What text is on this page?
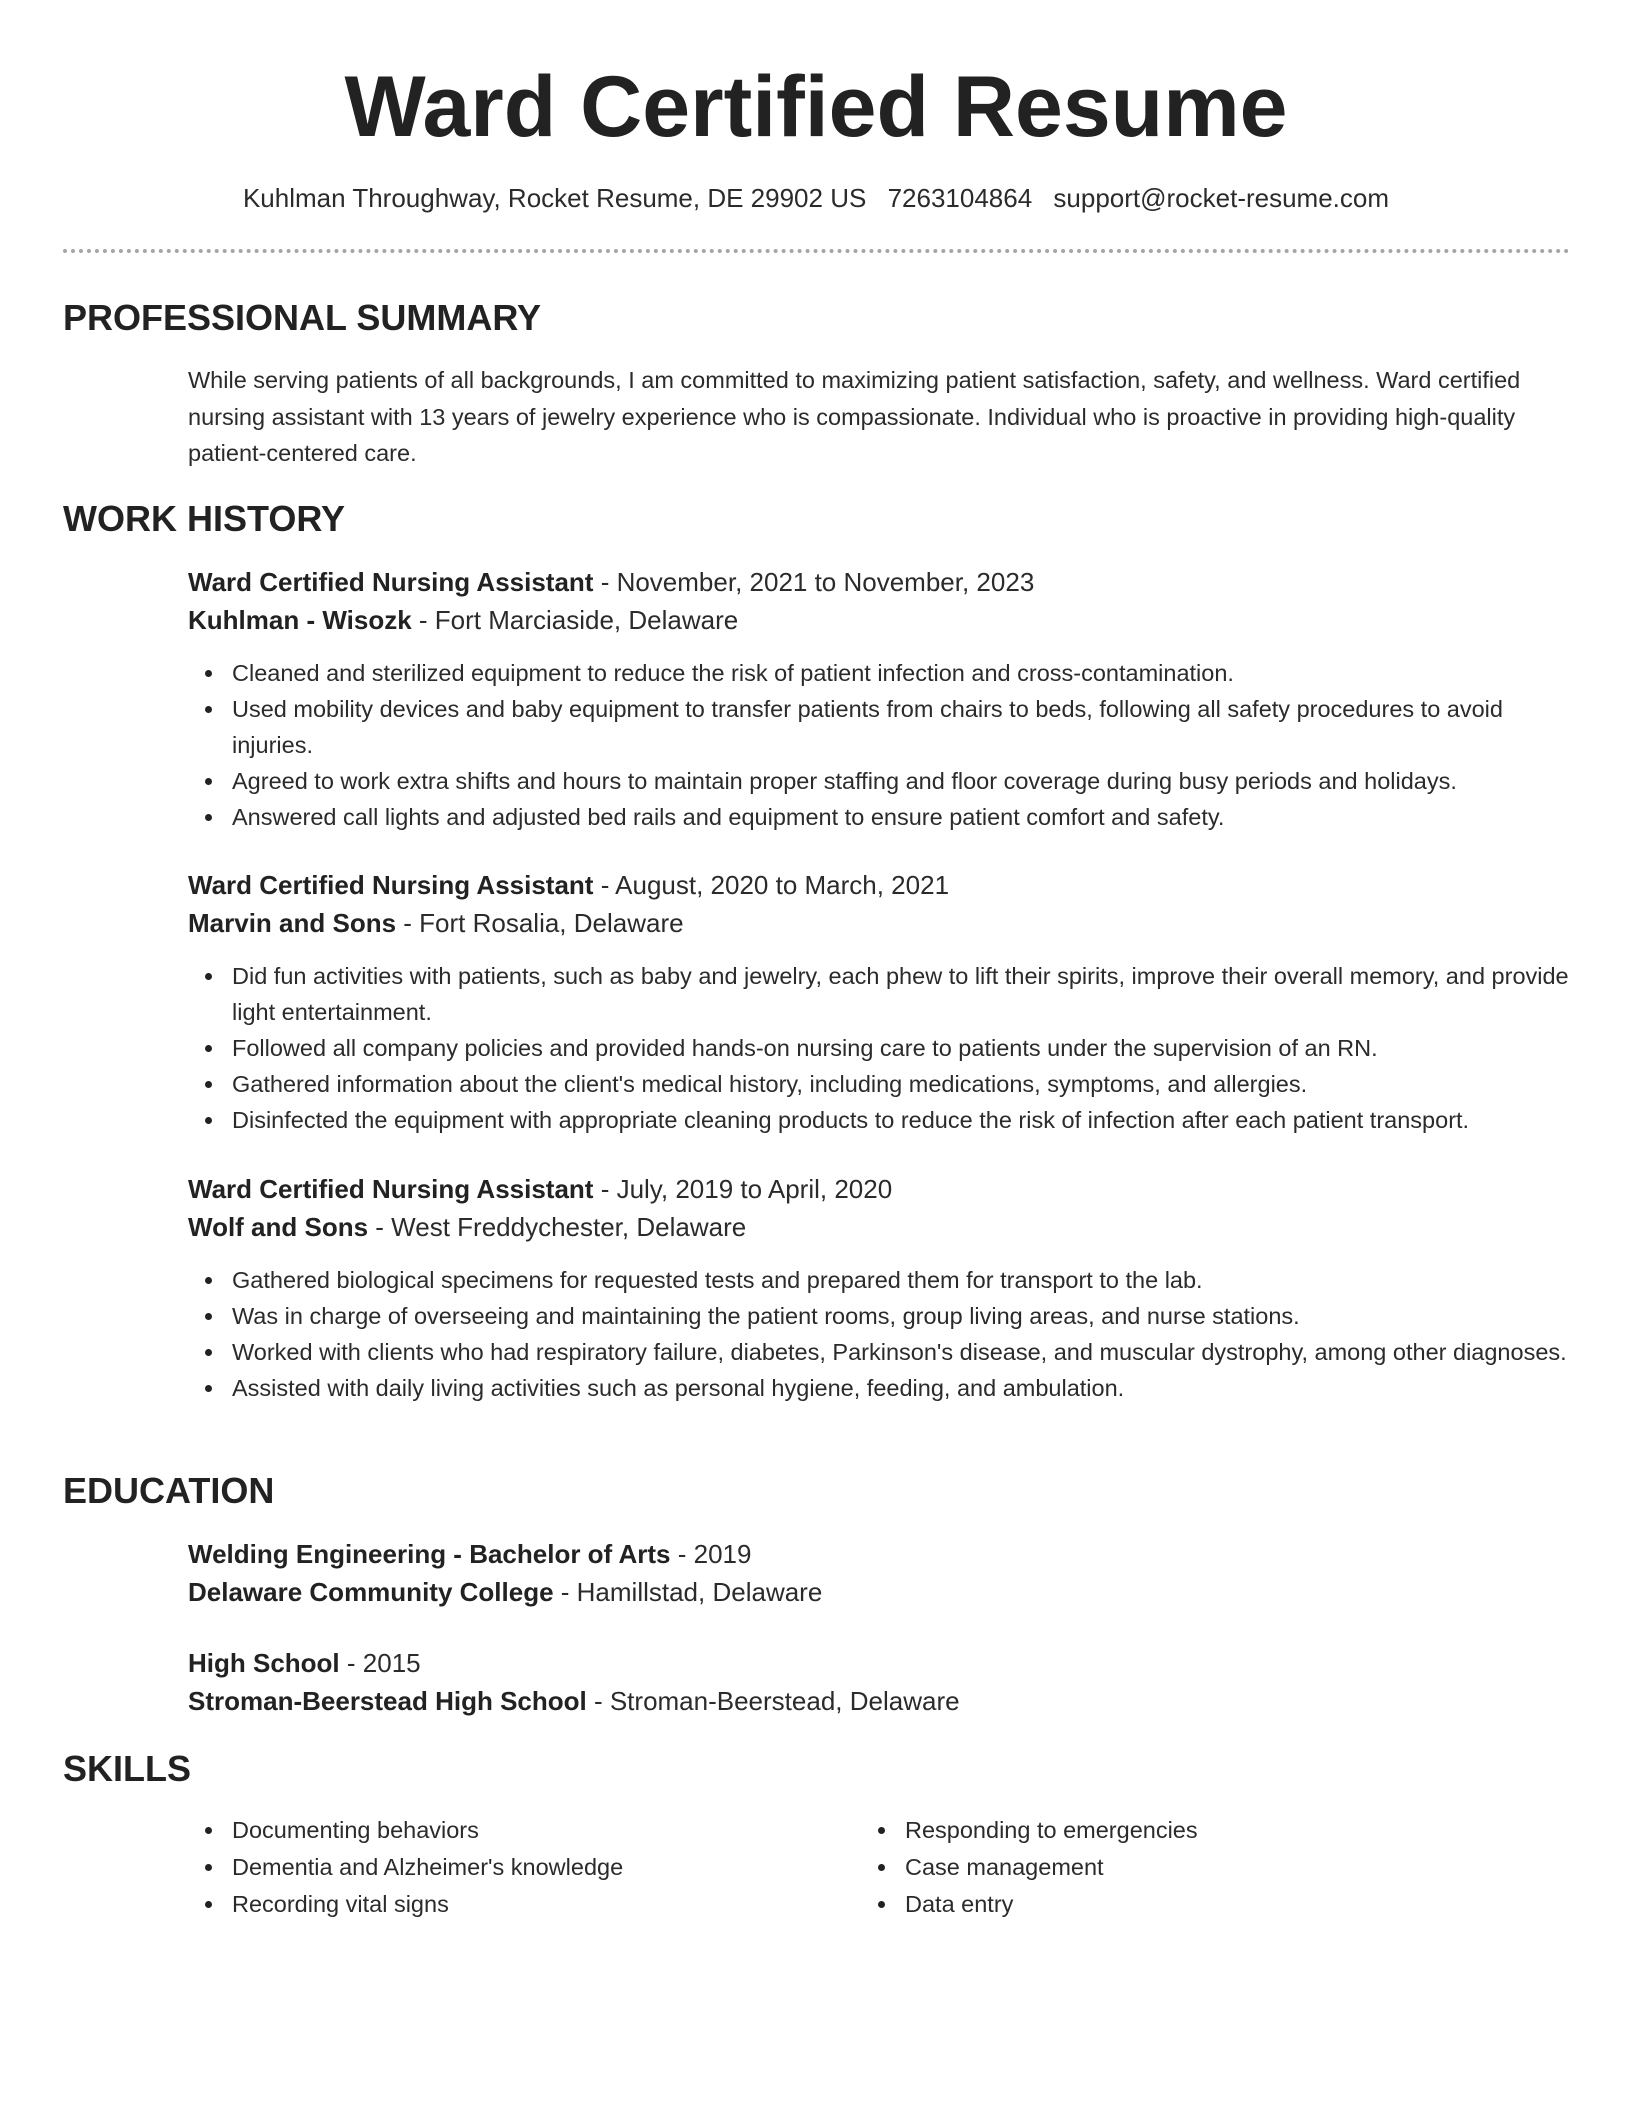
Ward Certified Resume
Kuhlman Throughway, Rocket Resume, DE 29902 US 7263104864 support@rocket-resume.com
PROFESSIONAL SUMMARY

While serving patients of all backgrounds, I am committed to maximizing patient satisfaction, safety, and wellness. Ward certified nursing assistant with 13 years of jewelry experience who is compassionate. Individual who is proactive in providing high-quality patient-centered care.

WORK HISTORY
Ward Certified Nursing Assistant - November, 2021 to November, 2023
Kuhlman - Wisozk - Fort Marciaside, Delaware
Cleaned and sterilized equipment to reduce the risk of patient infection and cross-contamination.
Used mobility devices and baby equipment to transfer patients from chairs to beds, following all safety procedures to avoid injuries.
Agreed to work extra shifts and hours to maintain proper staffing and floor coverage during busy periods and holidays.
Answered call lights and adjusted bed rails and equipment to ensure patient comfort and safety.
Ward Certified Nursing Assistant - August, 2020 to March, 2021
Marvin and Sons - Fort Rosalia, Delaware
Did fun activities with patients, such as baby and jewelry, each phew to lift their spirits, improve their overall memory, and provide light entertainment.
Followed all company policies and provided hands-on nursing care to patients under the supervision of an RN.
Gathered information about the client's medical history, including medications, symptoms, and allergies.
Disinfected the equipment with appropriate cleaning products to reduce the risk of infection after each patient transport.
Ward Certified Nursing Assistant - July, 2019 to April, 2020
Wolf and Sons - West Freddychester, Delaware
Gathered biological specimens for requested tests and prepared them for transport to the lab.
Was in charge of overseeing and maintaining the patient rooms, group living areas, and nurse stations.
Worked with clients who had respiratory failure, diabetes, Parkinson's disease, and muscular dystrophy, among other diagnoses.
Assisted with daily living activities such as personal hygiene, feeding, and ambulation.
EDUCATION
Welding Engineering - Bachelor of Arts - 2019
Delaware Community College - Hamillstad, Delaware
High School - 2015
Stroman-Beerstead High School - Stroman-Beerstead, Delaware
SKILLS
Documenting behaviors
Dementia and Alzheimer's knowledge
Recording vital signs
Responding to emergencies
Case management
Data entry
